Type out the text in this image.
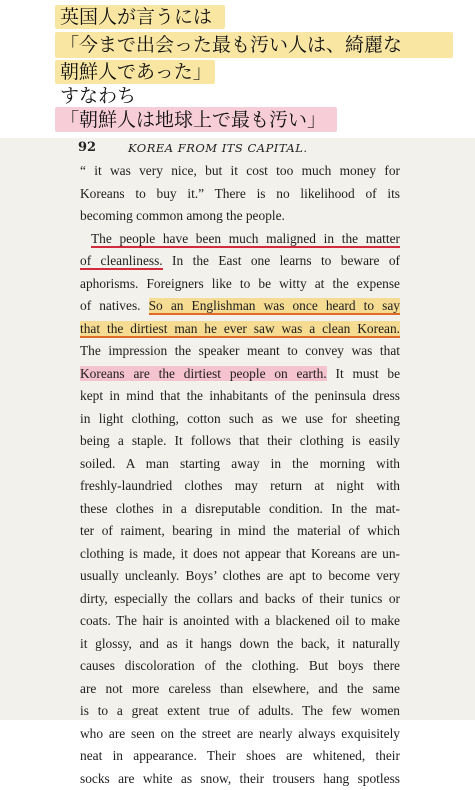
英国人が言うには
「今まで出会った最も汚い人は、綺麗な
朝鮮人であった」
すなわち
「朝鮮人は地球上で最も汚い」
92	KOREA FROM ITS CAPITAL.
“ it was very nice, but it cost too much money for
Koreans to buy it.” There is no likelihood of its
becoming common among the people.
The people have been much maligned in the matter
of cleanliness. In the East one learns to beware of
aphorisms. Foreigners like to be witty at the expense
of natives. So an Englishman was once heard to say
that the dirtiest man he ever saw was a clean Korean.
The impression the speaker meant to convey was that
Koreans are the dirtiest people on earth. It must be
kept in mind that the inhabitants of the peninsula dress
in light clothing, cotton such as we use for sheeting
being a staple. It follows that their clothing is easily
soiled. A man starting away in the morning with
freshly-laundried clothes may return at night with
these clothes in a disreputable condition. In the mat-
ter of raiment, bearing in mind the material of which
clothing is made, it does not appear that Koreans are un-
usually uncleanly. Boys’ clothes are apt to become very
dirty, especially the collars and backs of their tunics or
coats. The hair is anointed with a blackened oil to make
it glossy, and as it hangs down the back, it naturally
causes discoloration of the clothing. But boys there
are not more careless than elsewhere, and the same
is to a great extent true of adults. The few women
who are seen on the street are nearly always exquisitely
neat in appearance. Their shoes are whitened, their
socks are white as snow, their trousers hang spotless
